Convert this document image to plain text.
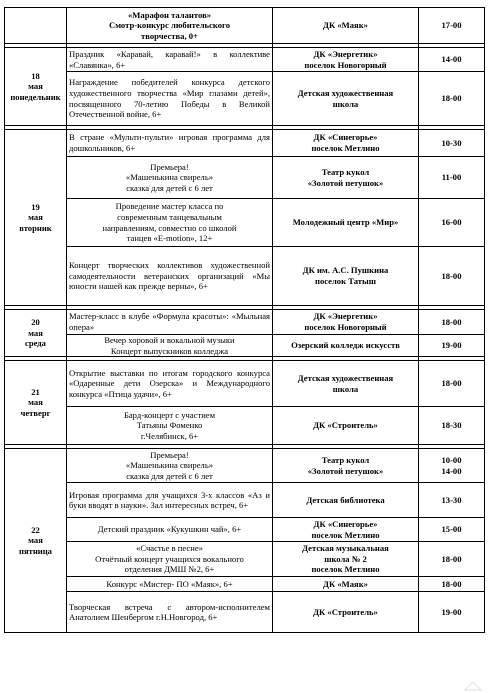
	«Марафон талантов»
Смотр-конкурс любительского
творчества, 0+	ДК «Маяк»	17-00

18
мая
понедельник	Праздник «Каравай, каравай!» в коллективе «Славянка», 6+	ДК «Энергетик»
поселок Новогорный	14-00

	Награждение победителей конкурса детского художественного творчества «Мир глазами детей», посвященного 70-летию Победы в Великой Отечественной войне, 6+	Детская художественная
школа	18-00

19
мая
вторник	В стране «Мульти-пульти» игровая программа для дошкольников, 6+	ДК «Синегорье»
поселок Метлино	10-30

	Премьера!
«Машенькина свирель»
сказка для детей с 6 лет	Театр кукол
«Золотой петушок»	11-00

	Проведение мастер класса по
современным танцевальным
направлениям, совместно со школой
танцев «E-motion», 12+	Молодежный центр «Мир»	16-00

	Концерт творческих коллективов художественной самодеятельности ветеранских организаций «Мы юности нашей как прежде верны», 6+	ДК им. А.С. Пушкина
поселок Татыш	18-00

20
мая
среда	Мастер-класс в клубе «Формула красоты»: «Мыльная опера»	ДК «Энергетик»
поселок Новогорный	18-00

	Вечер хоровой и вокальной музыки
Концерт выпускников колледжа	Озерский колледж искусств	19-00

21
мая
четверг	Открытие выставки по итогам городского конкурса «Одаренные дети Озерска» и Международного конкурса «Птица удачи», 6+	Детская художественная
школа	18-00

	Бард-концерт с участием
Татьяны Фоменко
г.Челябинск, 6+	ДК «Строитель»	18-30

22
мая
пятница	Премьера!
«Машенькина свирель»
сказка для детей с 6 лет	Театр кукол
«Золотой петушок»	10-00
14-00

	Игровая программа для учащихся 3-х классов «Аз и буки вводят в науки». Зал интересных встреч, 6+	Детская библиотека	13-30

	Детский праздник «Кукушкин чай», 6+	ДК «Синегорье»
поселок Метлино	15-00

	«Счастье в песне»
Отчётный концерт учащихся вокального
отделения ДМШ №2, 6+	Детская музыкальная
школа № 2
поселок Метлино	18-00

	Конкурс «Мистер- ПО «Маяк», 6+	ДК «Маяк»	18-00

	Творческая встреча с автором-исполнителем Анатолием Шенбергом г.Н.Новгород, 6+	ДК «Строитель»	19-00
